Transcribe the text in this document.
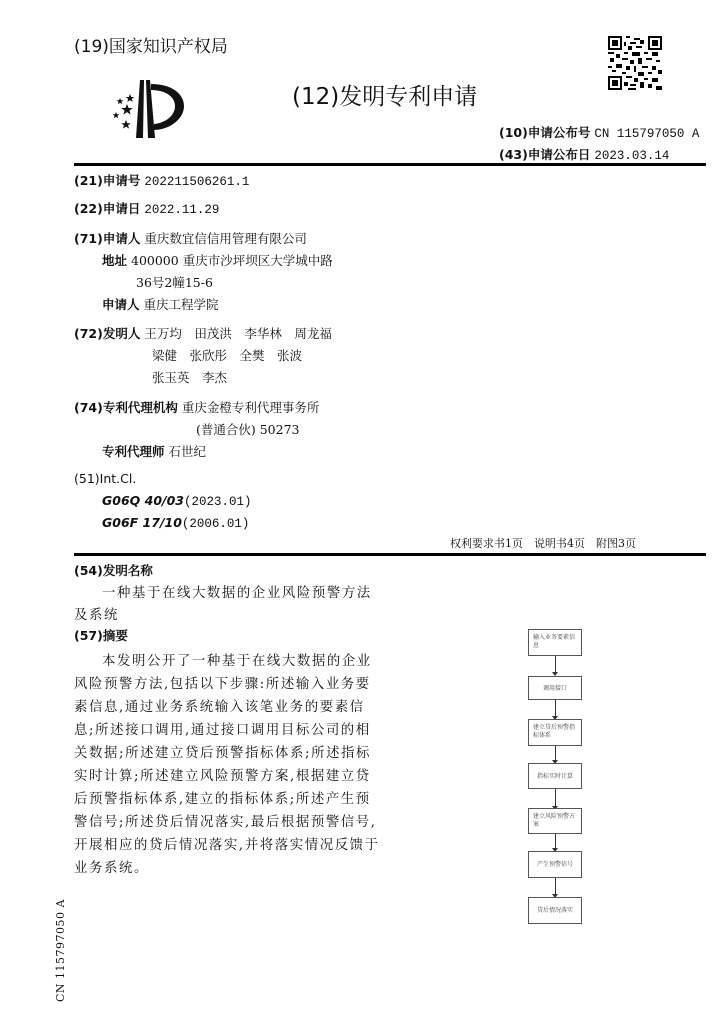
(19)国家知识产权局
(12)发明专利申请
(10)申请公布号 CN 115797050 A
(43)申请公布日 2023.03.14
(21)申请号 202211506261.1
(22)申请日 2022.11.29
(71)申请人 重庆数宜信信用管理有限公司
地址 400000 重庆市沙坪坝区大学城中路
36号2幢15-6
申请人 重庆工程学院
(72)发明人 王万均　田茂洪　李华林　周龙福
梁健　张欣彤　全樊　张波
张玉英　李杰
(74)专利代理机构 重庆金橙专利代理事务所
(普通合伙) 50273
专利代理师 石世纪
(51)Int.Cl.
G06Q 40/03(2023.01)
G06F 17/10(2006.01)
权利要求书1页　说明书4页　附图3页
(54)发明名称
一种基于在线大数据的企业风险预警方法
及系统
(57)摘要
本发明公开了一种基于在线大数据的企业
风险预警方法,包括以下步骤:所述输入业务要
素信息,通过业务系统输入该笔业务的要素信
息;所述接口调用,通过接口调用目标公司的相
关数据;所述建立贷后预警指标体系;所述指标
实时计算;所述建立风险预警方案,根据建立贷
后预警指标体系,建立的指标体系;所述产生预
警信号;所述贷后情况落实,最后根据预警信号,
开展相应的贷后情况落实,并将落实情况反馈于
业务系统。
输入业务要素信息
调用接口
建立贷后预警指标体系
指标实时计算
建立风险预警方案
产生预警信号
贷后情况落实
CN 115797050 A
